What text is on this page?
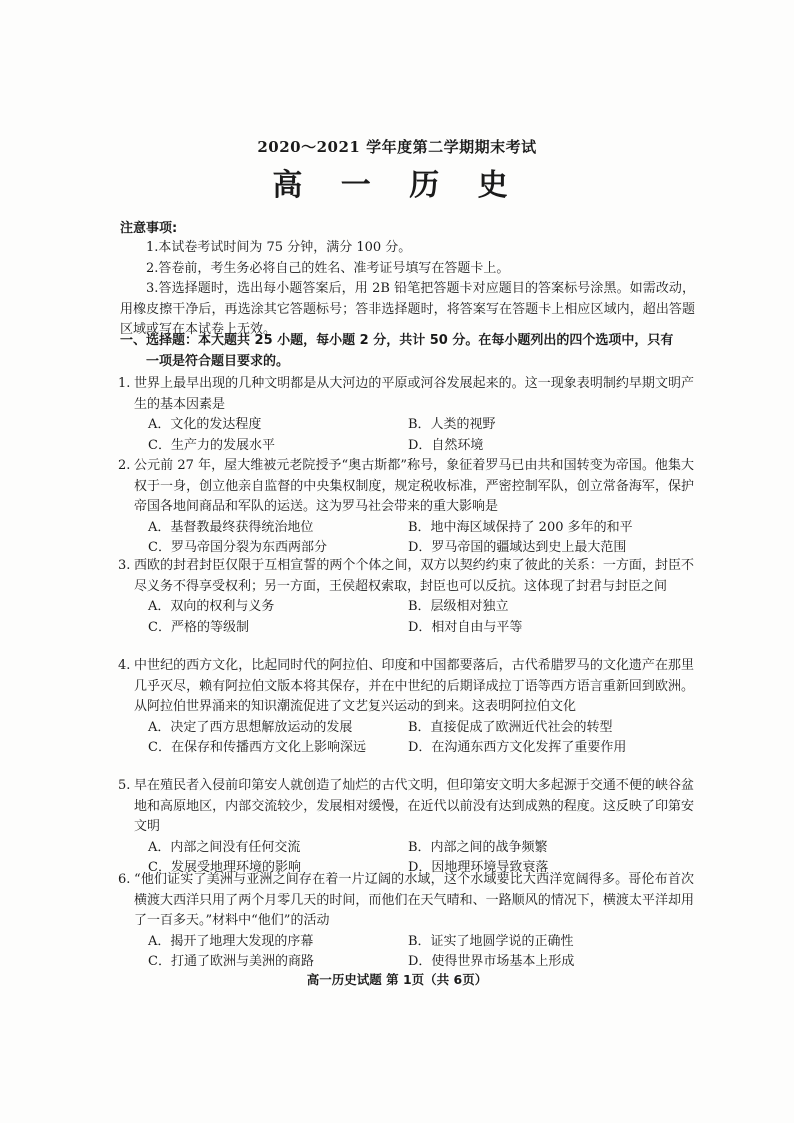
2020～2021 学年度第二学期期末考试
高 一 历 史
注意事项:

1.本试卷考试时间为 75 分钟，满分 100 分。

2.答卷前，考生务必将自己的姓名、准考证号填写在答题卡上。

3.答选择题时，选出每小题答案后，用 2B 铅笔把答题卡对应题目的答案标号涂黑。如需改动，用橡皮擦干净后，再选涂其它答题标号；答非选择题时，将答案写在答题卡上相应区域内，超出答题区域或写在本试卷上无效。

一、选择题：本大题共 25 小题，每小题 2 分，共计 50 分。在每小题列出的四个选项中，只有
一项是符合题目要求的。

1. 世界上最早出现的几种文明都是从大河边的平原或河谷发展起来的。这一现象表明制约早期文明产生的基本因素是

A．文化的发达程度	B．人类的视野
C．生产力的发展水平	D．自然环境

2. 公元前 27 年，屋大维被元老院授予“奥古斯都”称号，象征着罗马已由共和国转变为帝国。他集大权于一身，创立他亲自监督的中央集权制度，规定税收标准，严密控制军队，创立常备海军，保护帝国各地间商品和军队的运送。这为罗马社会带来的重大影响是

A．基督教最终获得统治地位	B．地中海区域保持了 200 多年的和平
C．罗马帝国分裂为东西两部分	D．罗马帝国的疆域达到史上最大范围

3. 西欧的封君封臣仅限于互相宣誓的两个个体之间，双方以契约约束了彼此的关系：一方面，封臣不尽义务不得享受权利；另一方面，王侯超权索取，封臣也可以反抗。这体现了封君与封臣之间

A．双向的权利与义务	B．层级相对独立
C．严格的等级制	D．相对自由与平等

4. 中世纪的西方文化，比起同时代的阿拉伯、印度和中国都要落后，古代希腊罗马的文化遗产在那里几乎灭尽，赖有阿拉伯文版本将其保存，并在中世纪的后期译成拉丁语等西方语言重新回到欧洲。从阿拉伯世界涌来的知识潮流促进了文艺复兴运动的到来。这表明阿拉伯文化

A．决定了西方思想解放运动的发展	B．直接促成了欧洲近代社会的转型
C．在保存和传播西方文化上影响深远	D．在沟通东西方文化发挥了重要作用

5. 早在殖民者入侵前印第安人就创造了灿烂的古代文明，但印第安文明大多起源于交通不便的峡谷盆地和高原地区，内部交流较少，发展相对缓慢，在近代以前没有达到成熟的程度。这反映了印第安文明

A．内部之间没有任何交流	B．内部之间的战争频繁
C．发展受地理环境的影响	D．因地理环境导致衰落

6. “他们证实了美洲与亚洲之间存在着一片辽阔的水域，这个水域要比大西洋宽阔得多。哥伦布首次横渡大西洋只用了两个月零几天的时间，而他们在天气晴和、一路顺风的情况下，横渡太平洋却用了一百多天。”材料中“他们”的活动

A．揭开了地理大发现的序幕	B．证实了地圆学说的正确性
C．打通了欧洲与美洲的商路	D．使得世界市场基本上形成
高一历史试题 第 1页（共 6页）
